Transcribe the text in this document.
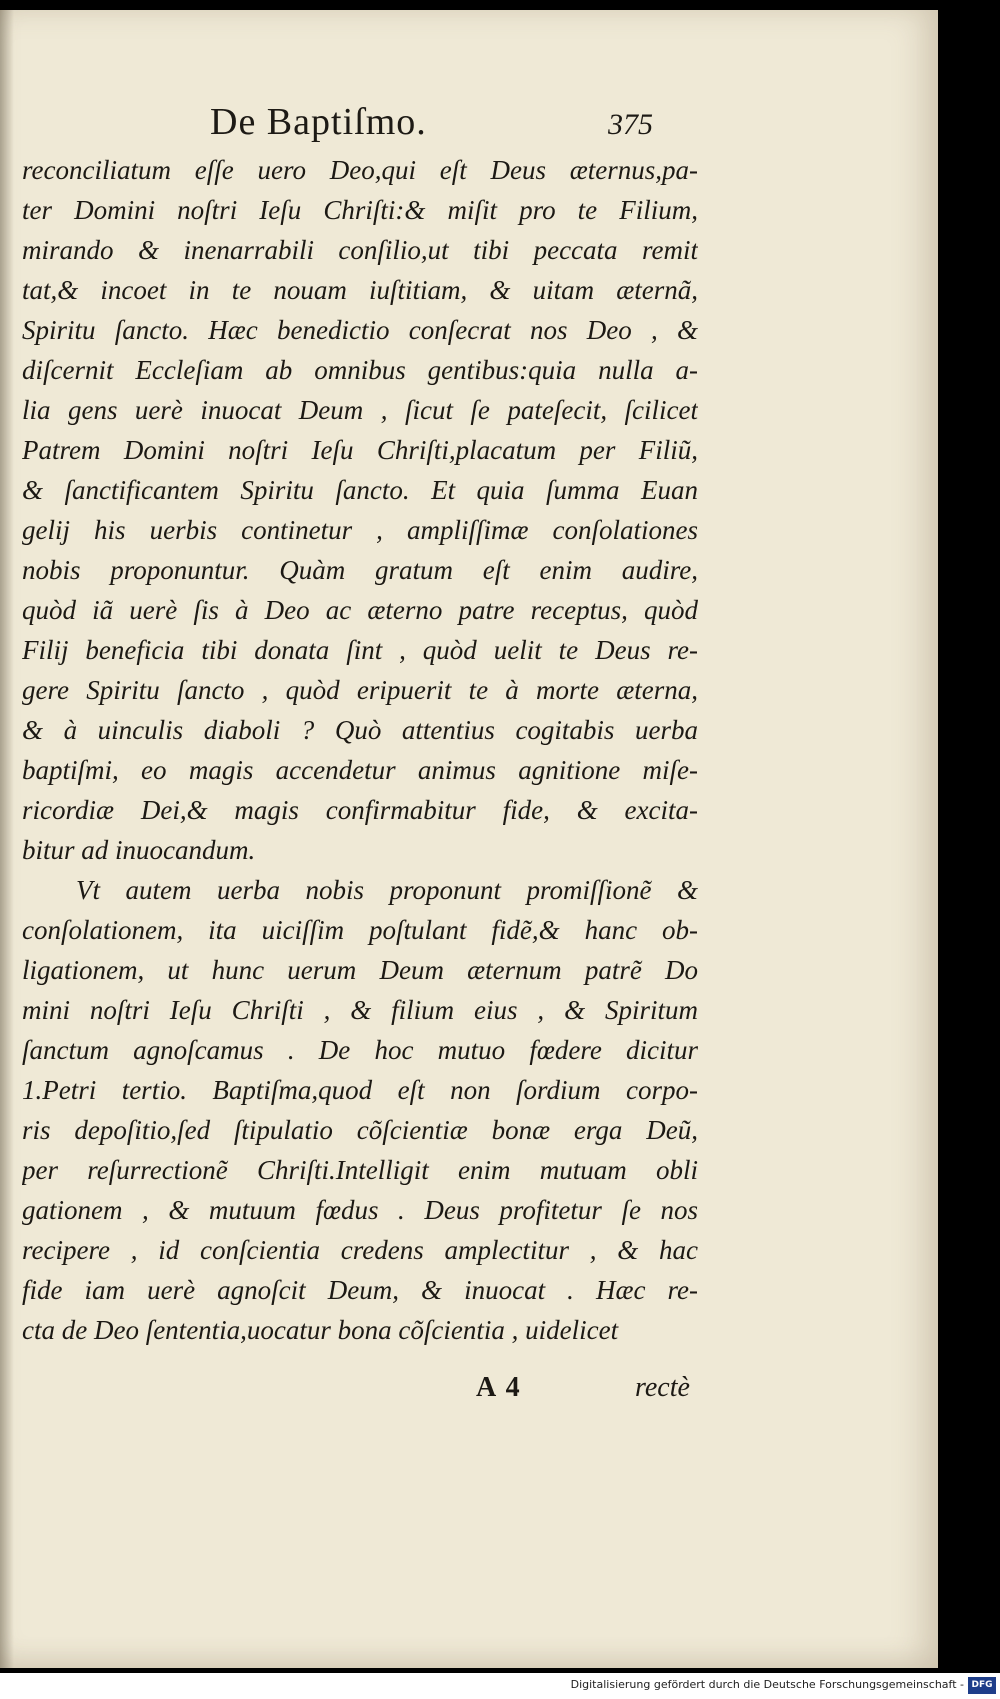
De Baptiſmo.	375
reconciliatum eſſe uero Deo,qui eſt Deus æternus,pa-
ter Domini noſtri Ieſu Chriſti:& miſit pro te Filium,
mirando & inenarrabili conſilio,ut tibi peccata remit
tat,& incoet in te nouam iuſtitiam, & uitam æternã,
Spiritu ſancto. Hæc benedictio conſecrat nos Deo , &
diſcernit Eccleſiam ab omnibus gentibus:quia nulla a-
lia gens uerè inuocat Deum , ſicut ſe pateſecit, ſcilicet
Patrem Domini noſtri Ieſu Chriſti,placatum per Filiũ,
& ſanctificantem Spiritu ſancto. Et quia ſumma Euan
gelij his uerbis continetur , ampliſſimæ conſolationes
nobis proponuntur. Quàm gratum eſt enim audire,
quòd iã uerè ſis à Deo ac æterno patre receptus, quòd
Filij beneficia tibi donata ſint , quòd uelit te Deus re-
gere Spiritu ſancto , quòd eripuerit te à morte æterna,
& à uinculis diaboli ? Quò attentius cogitabis uerba
baptiſmi, eo magis accendetur animus agnitione miſe-
ricordiæ Dei,& magis confirmabitur fide, & excita-
bitur ad inuocandum.
Vt autem uerba nobis proponunt promiſſionẽ &
conſolationem, ita uiciſſim poſtulant fidẽ,& hanc ob-
ligationem, ut hunc uerum Deum æternum patrẽ Do
mini noſtri Ieſu Chriſti , & filium eius , & Spiritum
ſanctum agnoſcamus . De hoc mutuo fœdere dicitur
1.Petri tertio. Baptiſma,quod eſt non ſordium corpo-
ris depoſitio,ſed ſtipulatio cõſcientiæ bonæ erga Deũ,
per reſurrectionẽ Chriſti.Intelligit enim mutuam obli
gationem , & mutuum fœdus . Deus profitetur ſe nos
recipere , id conſcientia credens amplectitur , & hac
fide iam uerè agnoſcit Deum, & inuocat . Hæc re-
cta de Deo ſententia,uocatur bona cõſcientia , uidelicet
A 4	rectè
Digitalisierung gefördert durch die Deutsche Forschungsgemeinschaft - DFG
